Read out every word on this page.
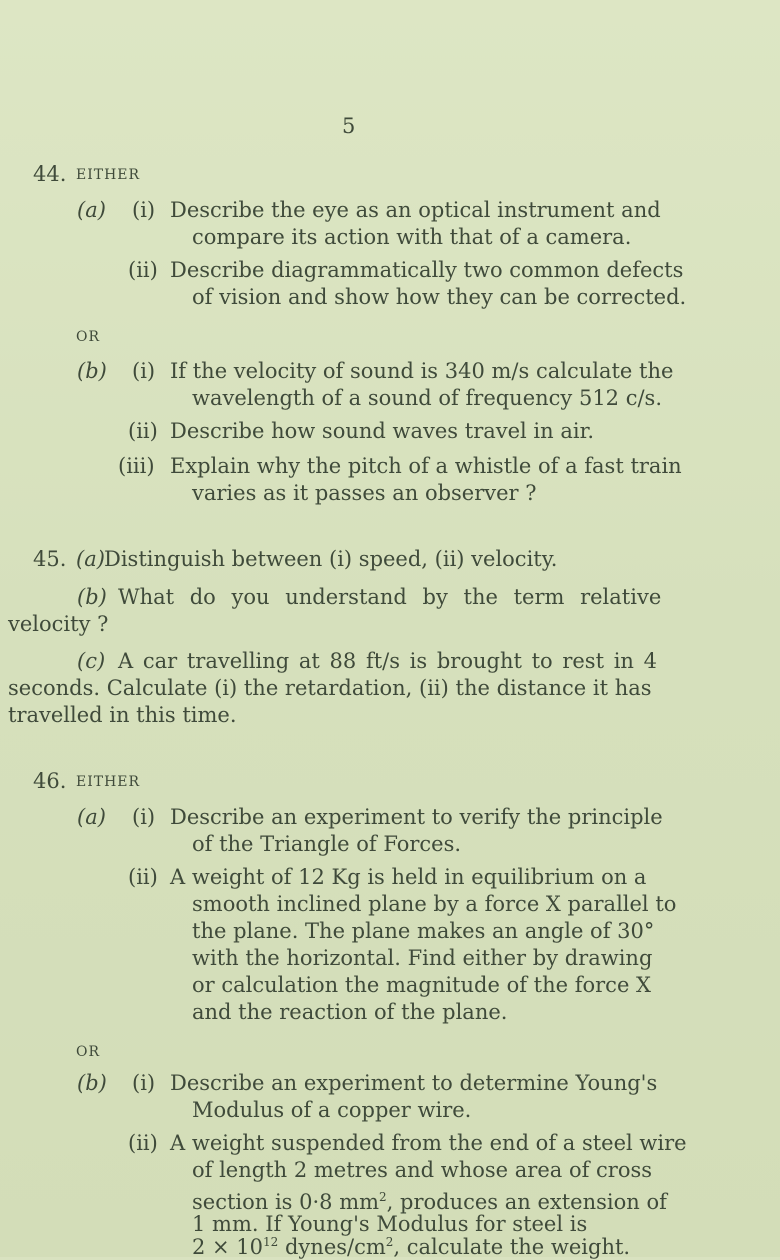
5
44. EITHER
(a) (i) Describe the eye as an optical instrument and
compare its action with that of a camera.
(ii) Describe diagrammatically two common defects
of vision and show how they can be corrected.
OR
(b) (i) If the velocity of sound is 340 m/s calculate the
wavelength of a sound of frequency 512 c/s.
(ii) Describe how sound waves travel in air.
(iii) Explain why the pitch of a whistle of a fast train
varies as it passes an observer ?
45. (a) Distinguish between (i) speed, (ii) velocity.
(b) What do you understand by the term relative
velocity ?
(c) A car travelling at 88 ft/s is brought to rest in 4
seconds. Calculate (i) the retardation, (ii) the distance it has
travelled in this time.
46. EITHER
(a) (i) Describe an experiment to verify the principle
of the Triangle of Forces.
(ii) A weight of 12 Kg is held in equilibrium on a
smooth inclined plane by a force X parallel to
the plane. The plane makes an angle of 30°
with the horizontal. Find either by drawing
or calculation the magnitude of the force X
and the reaction of the plane.
OR
(b) (i) Describe an experiment to determine Young's
Modulus of a copper wire.
(ii) A weight suspended from the end of a steel wire
of length 2 metres and whose area of cross
section is 0·8 $mm^2$, produces an extension of
1 mm. If Young's Modulus for steel is
$2 \times 10^{12}$ dynes/$cm^2$, calculate the weight.
